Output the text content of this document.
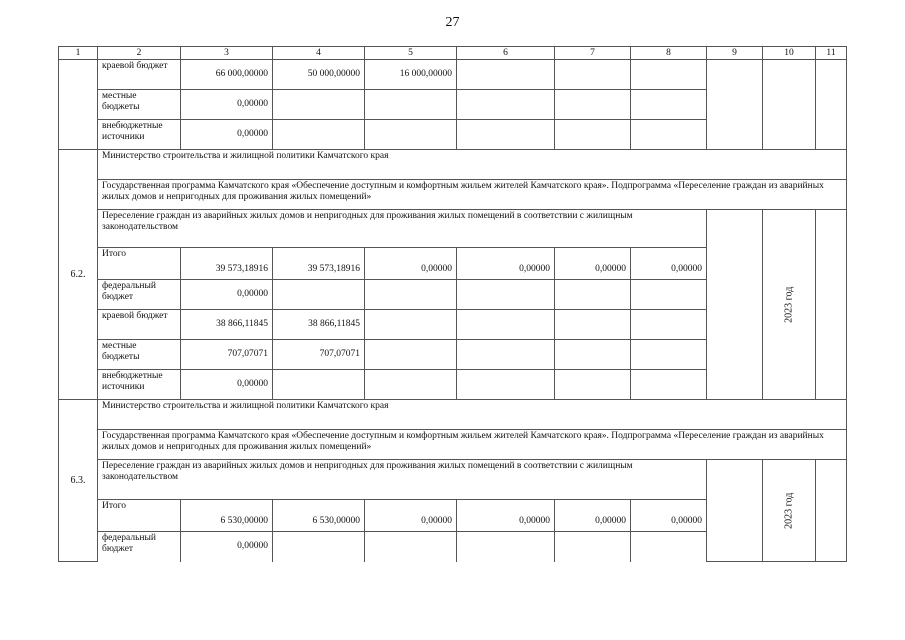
27
1	2	3	4	5	6	7	8	9	10	11
	краевой бюджет	66 000,00000	50 000,00000	16 000,00000						
	местные бюджеты	0,00000								
	внебюджетные источники	0,00000								
6.2.	Министерство строительства и жилищной политики Камчатского края									
	Государственная программа Камчатского края «Обеспечение доступным и комфортным жильем жителей Камчатского края». Подпрограмма «Переселение граждан из аварийных жилых домов и непригодных для проживания жилых помещений»									
	Переселение граждан из аварийных жилых домов и непригодных для проживания жилых помещений в соответствии с жилищным законодательством								2023 год	
	Итого	39 573,18916	39 573,18916	0,00000	0,00000	0,00000	0,00000			
	федеральный бюджет	0,00000								
	краевой бюджет	38 866,11845	38 866,11845							
	местные бюджеты	707,07071	707,07071							
	внебюджетные источники	0,00000								
6.3.	Министерство строительства и жилищной политики Камчатского края									
	Государственная программа Камчатского края «Обеспечение доступным и комфортным жильем жителей Камчатского края». Подпрограмма «Переселение граждан из аварийных жилых домов и непригодных для проживания жилых помещений»									
	Переселение граждан из аварийных жилых домов и непригодных для проживания жилых помещений в соответствии с жилищным законодательством								2023 год	
	Итого	6 530,00000	6 530,00000	0,00000	0,00000	0,00000	0,00000			
	федеральный бюджет	0,00000								
